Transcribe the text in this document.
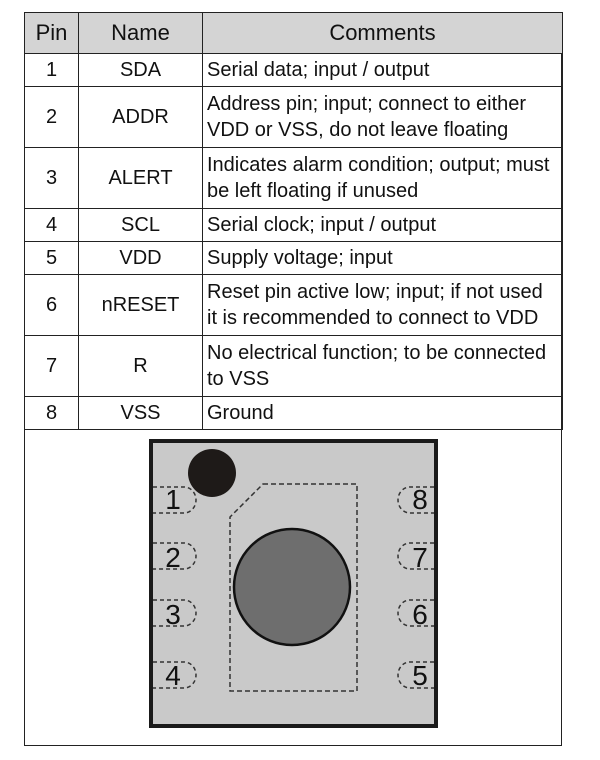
Pin	Name	Comments
1	SDA	Serial data; input / output
2	ADDR	Address pin; input; connect to either VDD or VSS, do not leave floating
3	ALERT	Indicates alarm condition; output; must be left floating if unused
4	SCL	Serial clock; input / output
5	VDD	Supply voltage; input
6	nRESET	Reset pin active low; input; if not used it is recommended to connect to VDD
7	R	No electrical function; to be connected to VSS
8	VSS	Ground
1
2
3
4
8
7
6
5
